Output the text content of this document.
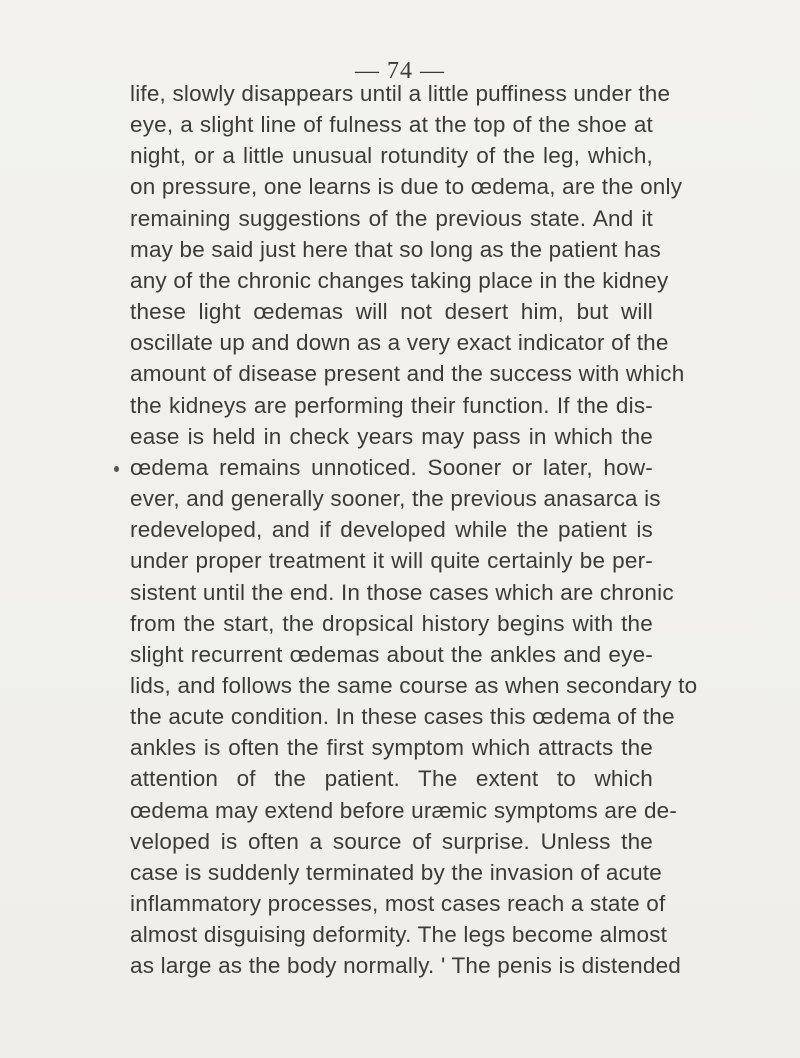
— 74 —
life, slowly disappears until a little puffiness under the
eye, a slight line of fulness at the top of the shoe at
night, or a little unusual rotundity of the leg, which,
on pressure, one learns is due to œdema, are the only
remaining suggestions of the previous state. And it
may be said just here that so long as the patient has
any of the chronic changes taking place in the kidney
these light œdemas will not desert him, but will
oscillate up and down as a very exact indicator of the
amount of disease present and the success with which
the kidneys are performing their function. If the dis-
ease is held in check years may pass in which the
œdema remains unnoticed. Sooner or later, how-
ever, and generally sooner, the previous anasarca is
redeveloped, and if developed while the patient is
under proper treatment it will quite certainly be per-
sistent until the end. In those cases which are chronic
from the start, the dropsical history begins with the
slight recurrent œdemas about the ankles and eye-
lids, and follows the same course as when secondary to
the acute condition. In these cases this œdema of the
ankles is often the first symptom which attracts the
attention of the patient. The extent to which
œdema may extend before uræmic symptoms are de-
veloped is often a source of surprise. Unless the
case is suddenly terminated by the invasion of acute
inflammatory processes, most cases reach a state of
almost disguising deformity. The legs become almost
as large as the body normally. ' The penis is distended
